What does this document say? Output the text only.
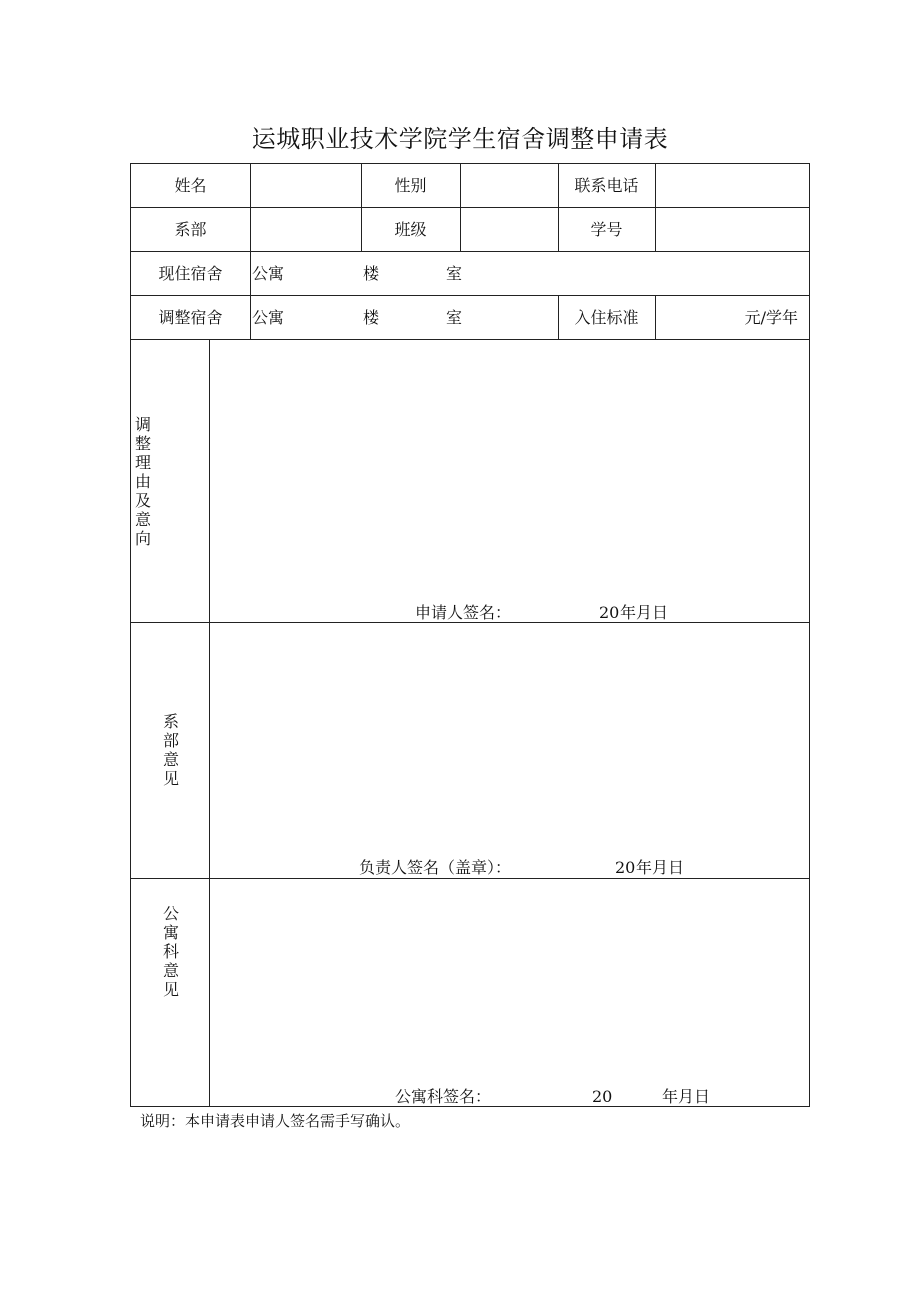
运城职业技术学院学生宿舍调整申请表
姓名	性别	联系电话
系部	班级	学号
现住宿舍	公寓	楼	室
调整宿舍	公寓	楼	室	入住标准	元/学年
调整理由及意向
申请人签名：	20 年月日
系部意见
负责人签名（盖章）：	20 年月日
公寓科意见
公寓科签名：	20	年月日
说明：本申请表申请人签名需手写确认。
